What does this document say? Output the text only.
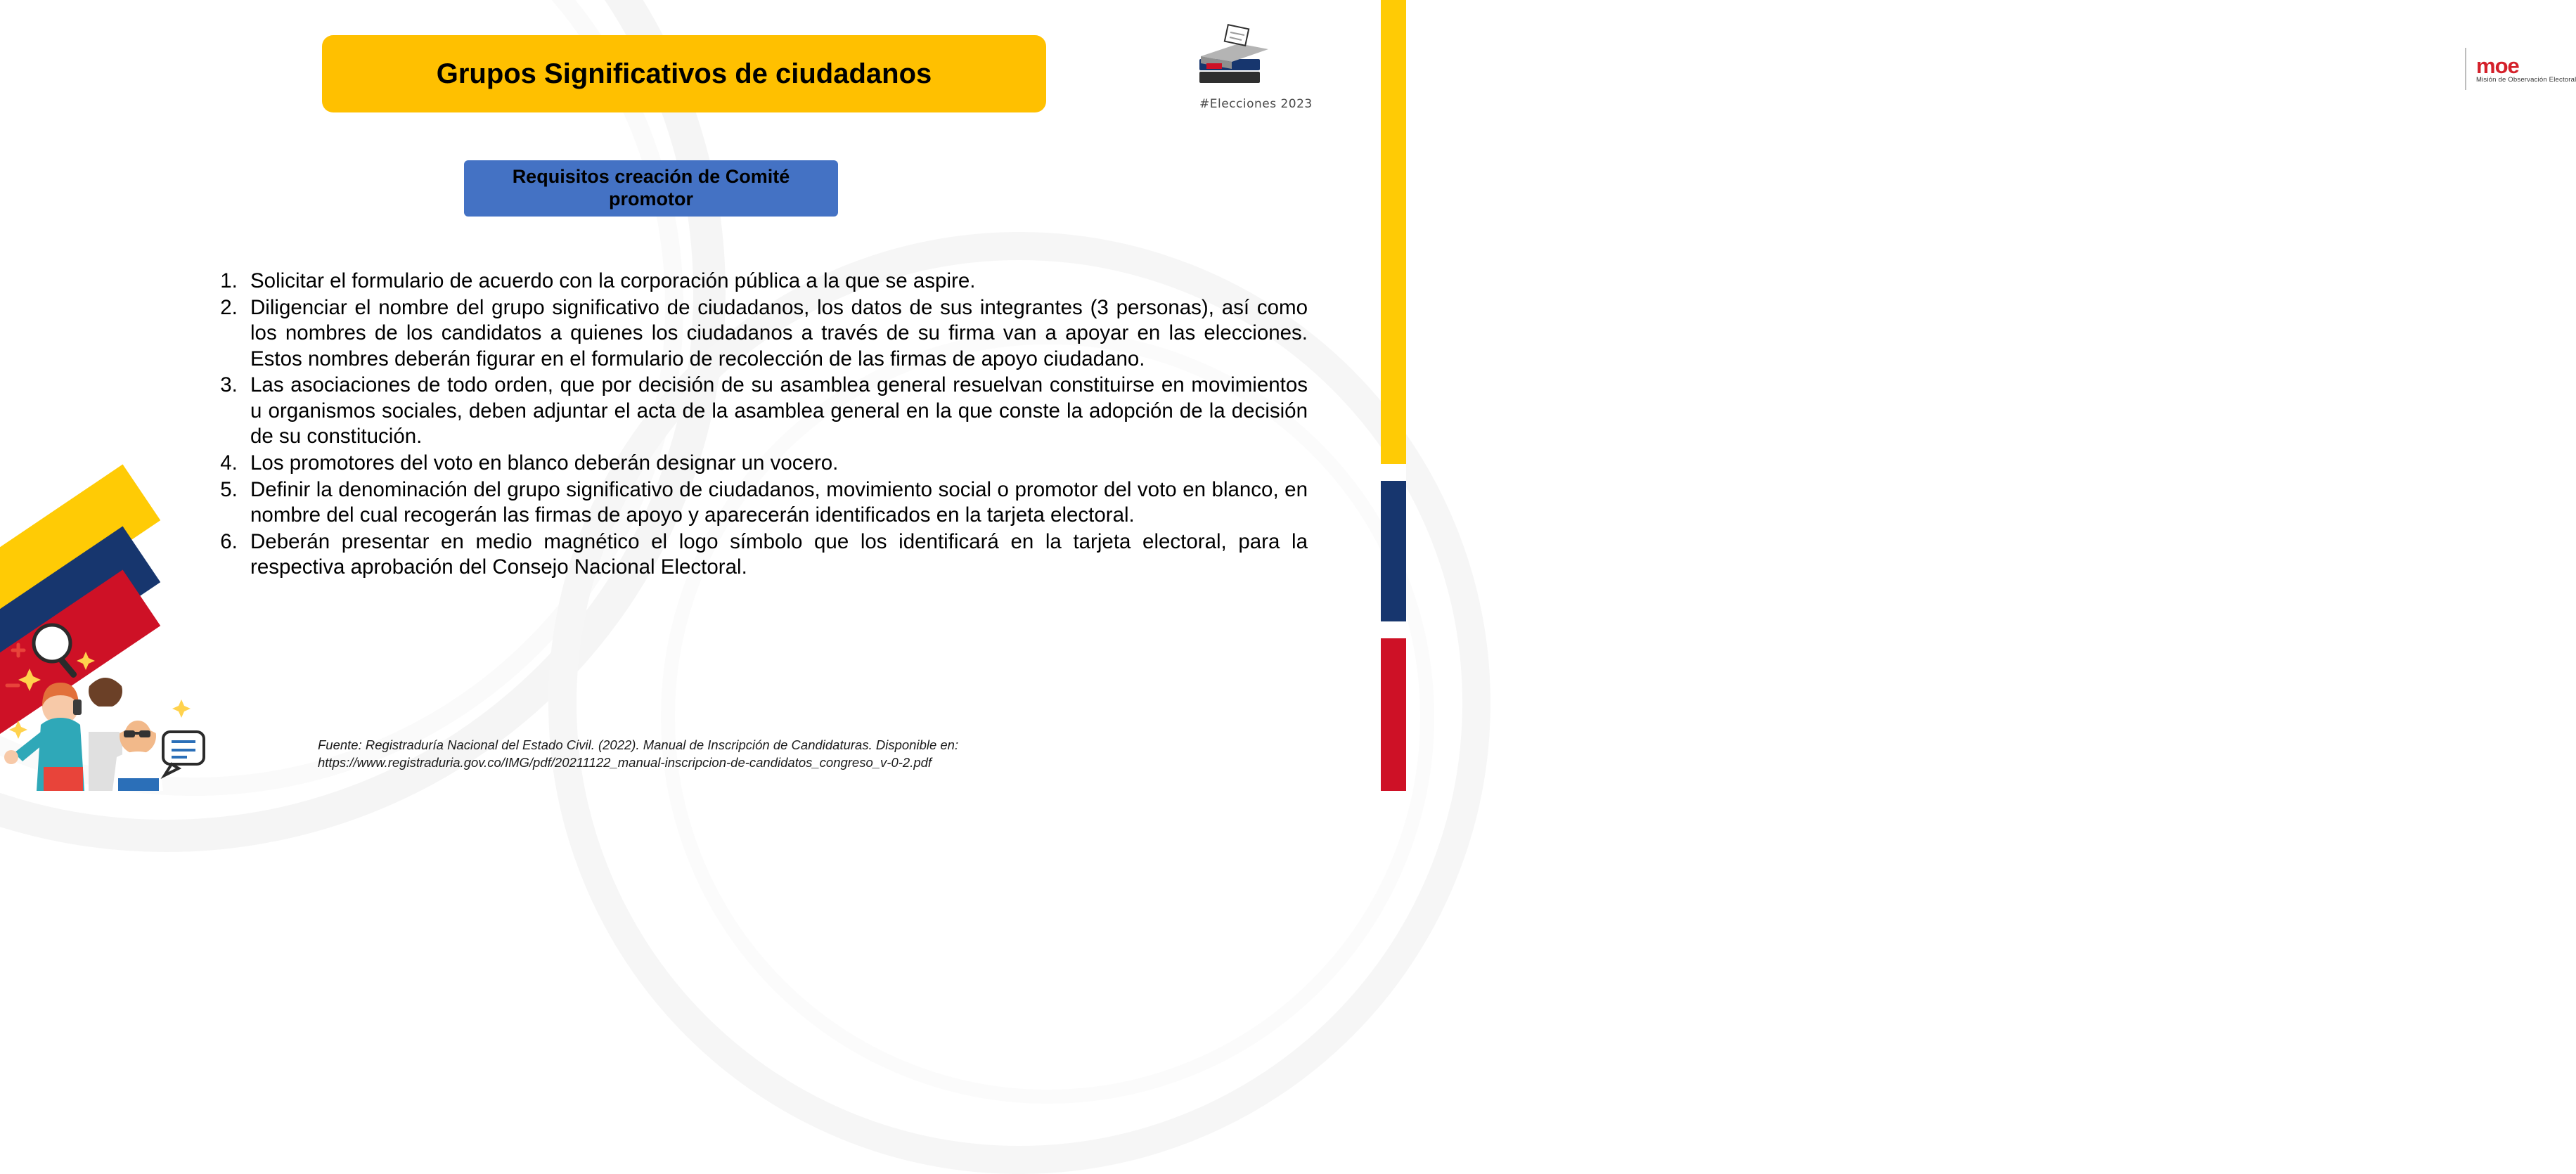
moe
Misión de Observación Electoral
#Elecciones 2023
Grupos Significativos de ciudadanos
Requisitos creación de Comité promotor
1. Solicitar el formulario de acuerdo con la corporación pública a la que se aspire.
2. Diligenciar el nombre del grupo significativo de ciudadanos, los datos de sus integrantes (3 personas), así como los nombres de los candidatos a quienes los ciudadanos a través de su firma van a apoyar en las elecciones. Estos nombres deberán figurar en el formulario de recolección de las firmas de apoyo ciudadano.
3. Las asociaciones de todo orden, que por decisión de su asamblea general resuelvan constituirse en movimientos u organismos sociales, deben adjuntar el acta de la asamblea general en la que conste la adopción de la decisión de su constitución.
4. Los promotores del voto en blanco deberán designar un vocero.
5. Definir la denominación del grupo significativo de ciudadanos, movimiento social o promotor del voto en blanco, en nombre del cual recogerán las firmas de apoyo y aparecerán identificados en la tarjeta electoral.
6. Deberán presentar en medio magnético el logo símbolo que los identificará en la tarjeta electoral, para la respectiva aprobación del Consejo Nacional Electoral.
Fuente: Registraduría Nacional del Estado Civil. (2022). Manual de Inscripción de Candidaturas. Disponible en:
https://www.registraduria.gov.co/IMG/pdf/20211122_manual-inscripcion-de-candidatos_congreso_v-0-2.pdf
